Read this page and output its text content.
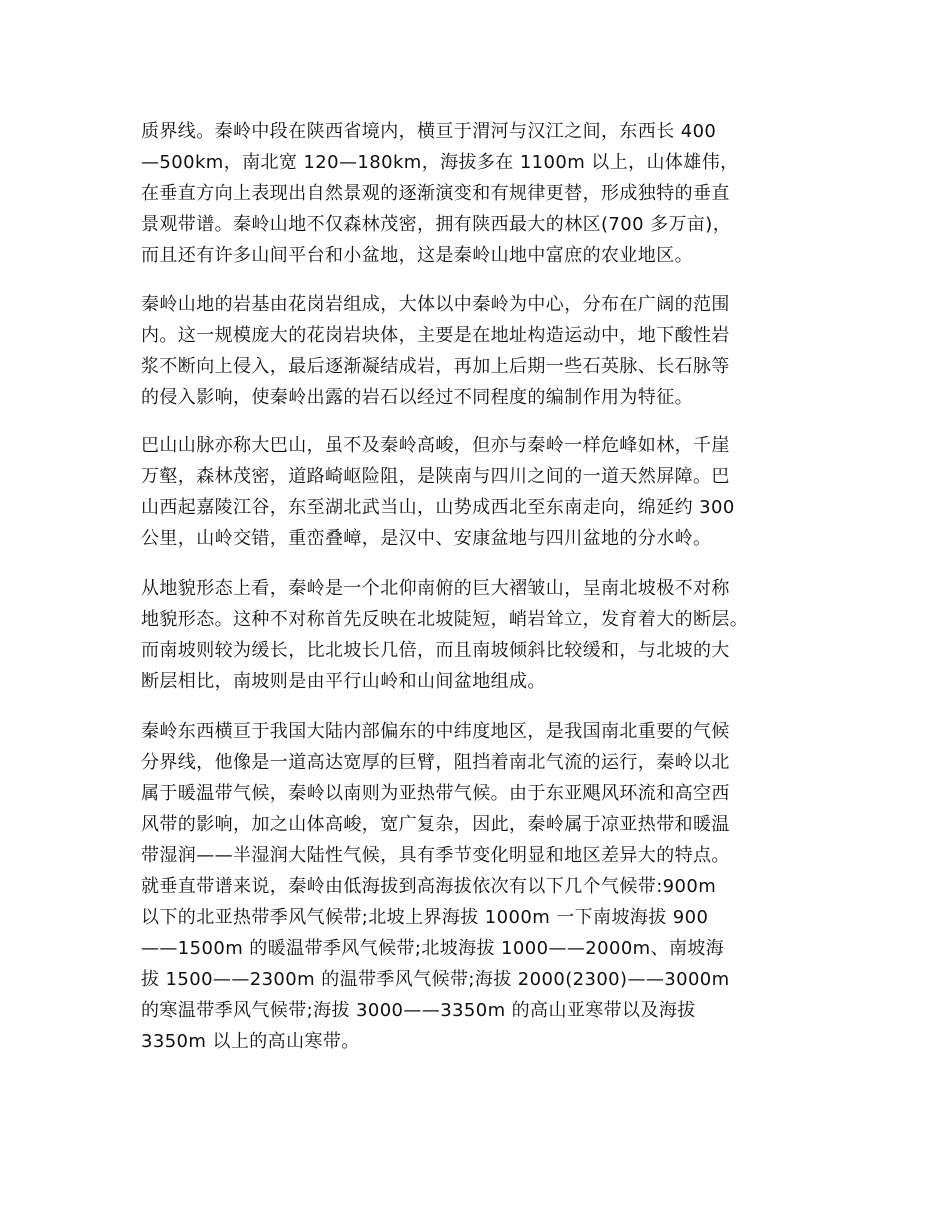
质界线。秦岭中段在陕西省境内，横亘于渭河与汉江之间，东西长 400
—500km，南北宽 120—180km，海拔多在 1100m 以上，山体雄伟，
在垂直方向上表现出自然景观的逐渐演变和有规律更替，形成独特的垂直
景观带谱。秦岭山地不仅森林茂密，拥有陕西最大的林区(700 多万亩)，
而且还有许多山间平台和小盆地，这是秦岭山地中富庶的农业地区。
秦岭山地的岩基由花岗岩组成，大体以中秦岭为中心，分布在广阔的范围
内。这一规模庞大的花岗岩块体，主要是在地址构造运动中，地下酸性岩
浆不断向上侵入，最后逐渐凝结成岩，再加上后期一些石英脉、长石脉等
的侵入影响，使秦岭出露的岩石以经过不同程度的编制作用为特征。
巴山山脉亦称大巴山，虽不及秦岭高峻，但亦与秦岭一样危峰如林，千崖
万壑，森林茂密，道路崎岖险阻，是陕南与四川之间的一道天然屏障。巴
山西起嘉陵江谷，东至湖北武当山，山势成西北至东南走向，绵延约 300
公里，山岭交错，重峦叠嶂，是汉中、安康盆地与四川盆地的分水岭。
从地貌形态上看，秦岭是一个北仰南俯的巨大褶皱山，呈南北坡极不对称
地貌形态。这种不对称首先反映在北坡陡短，峭岩耸立，发育着大的断层。
而南坡则较为缓长，比北坡长几倍，而且南坡倾斜比较缓和，与北坡的大
断层相比，南坡则是由平行山岭和山间盆地组成。
秦岭东西横亘于我国大陆内部偏东的中纬度地区，是我国南北重要的气候
分界线，他像是一道高达宽厚的巨臂，阻挡着南北气流的运行，秦岭以北
属于暖温带气候，秦岭以南则为亚热带气候。由于东亚飓风环流和高空西
风带的影响，加之山体高峻，宽广复杂，因此，秦岭属于凉亚热带和暖温
带湿润——半湿润大陆性气候，具有季节变化明显和地区差异大的特点。
就垂直带谱来说，秦岭由低海拔到高海拔依次有以下几个气候带:900m
以下的北亚热带季风气候带;北坡上界海拔 1000m 一下南坡海拔 900
——1500m 的暖温带季风气候带;北坡海拔 1000——2000m、南坡海
拔 1500——2300m 的温带季风气候带;海拔 2000(2300)——3000m
的寒温带季风气候带;海拔 3000——3350m 的高山亚寒带以及海拔
3350m 以上的高山寒带。
